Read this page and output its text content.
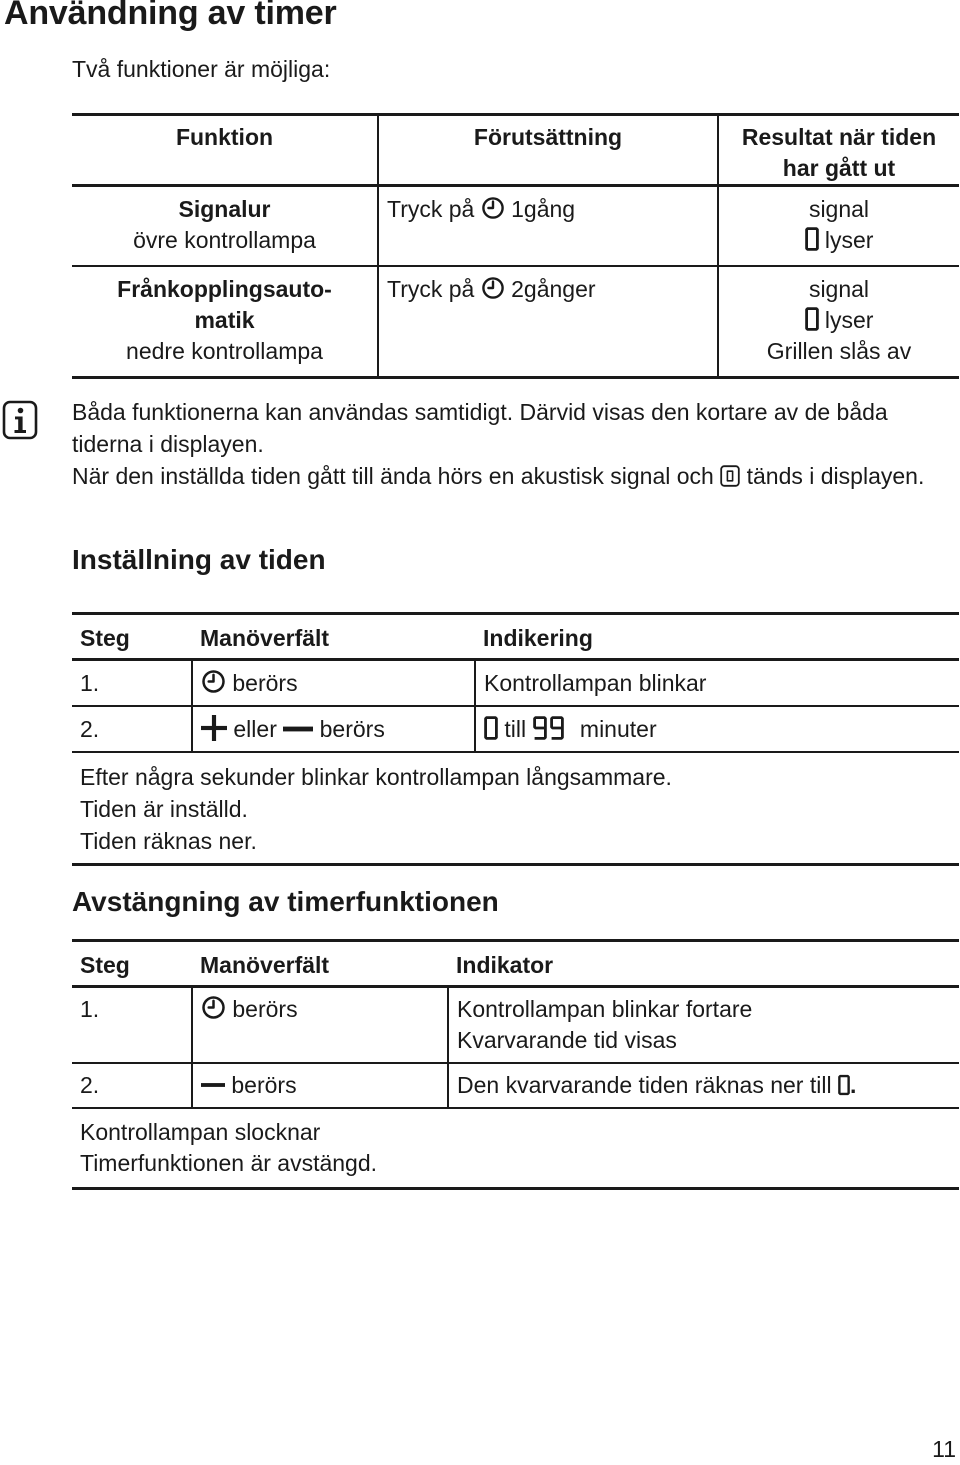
Användning av timer
Två funktioner är möjliga:
Funktion	Förutsättning	Resultat när tiden
har gått ut

Signalur
övre kontrollampa	Tryck på 1gång	signal
lyser

Frånkopplingsauto-
matik
nedre kontrollampa	Tryck på 2gånger	signal
lyser
Grillen slås av
Båda funktionerna kan användas samtidigt. Därvid visas den kortare av de båda tiderna i displayen.
När den inställda tiden gått till ända hörs en akustisk signal och tänds i displayen.
Inställning av tiden
Steg	Manöverfält	Indikering
1.	berörs	Kontrollampan blinkar
2.	eller berörs	till minuter

Efter några sekunder blinkar kontrollampan långsammare.
Tiden är inställd.
Tiden räknas ner.		
Avstängning av timerfunktionen
Steg	Manöverfält	Indikator
1.	berörs	Kontrollampan blinkar fortare
Kvarvarande tid visas

2.	berörs	Den kvarvarande tiden räknas ner till .

Kontrollampan slocknar
Timerfunktionen är avstängd.		
11
